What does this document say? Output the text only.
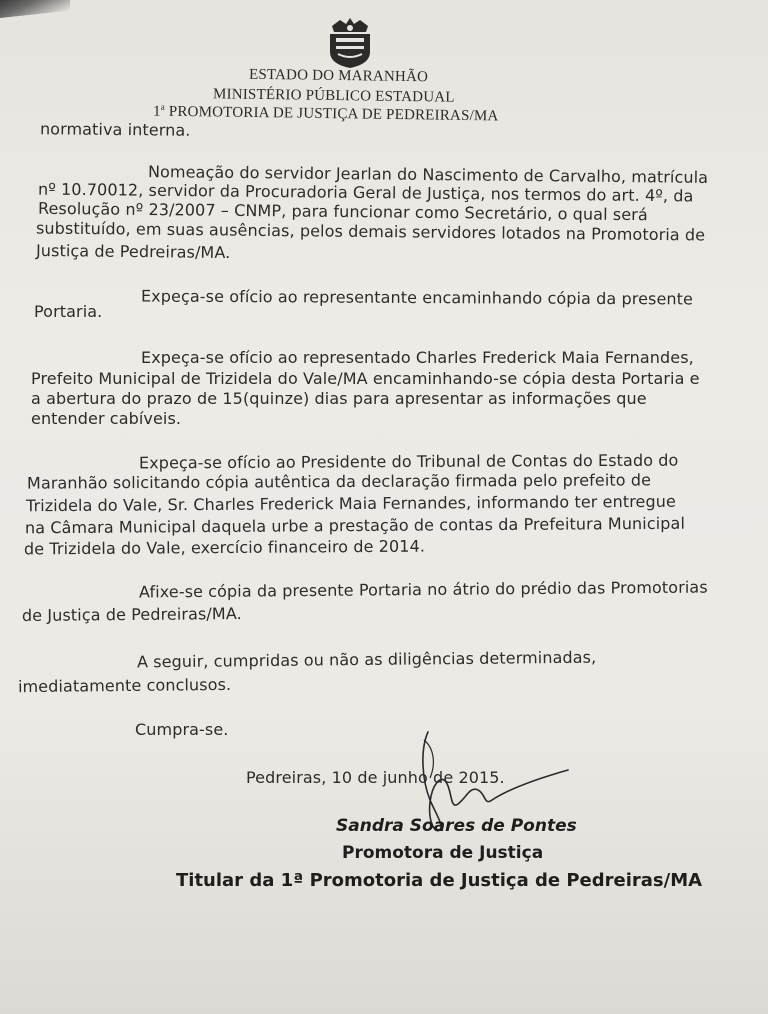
ESTADO DO MARANHÃO
MINISTÉRIO PÚBLICO ESTADUAL
1$^a$ PROMOTORIA DE JUSTIÇA DE PEDREIRAS/MA
normativa interna.
Nomeação do servidor Jearlan do Nascimento de Carvalho, matrícula
nº 10.70012, servidor da Procuradoria Geral de Justiça, nos termos do art. 4º, da
Resolução nº 23/2007 – CNMP, para funcionar como Secretário, o qual será
substituído, em suas ausências, pelos demais servidores lotados na Promotoria de
Justiça de Pedreiras/MA.
Expeça-se ofício ao representante encaminhando cópia da presente
Portaria.
Expeça-se ofício ao representado Charles Frederick Maia Fernandes,
Prefeito Municipal de Trizidela do Vale/MA encaminhando-se cópia desta Portaria e
a abertura do prazo de 15(quinze) dias para apresentar as informações que
entender cabíveis.
Expeça-se ofício ao Presidente do Tribunal de Contas do Estado do
Maranhão solicitando cópia autêntica da declaração firmada pelo prefeito de
Trizidela do Vale, Sr. Charles Frederick Maia Fernandes, informando ter entregue
na Câmara Municipal daquela urbe a prestação de contas da Prefeitura Municipal
de Trizidela do Vale, exercício financeiro de 2014.
Afixe-se cópia da presente Portaria no átrio do prédio das Promotorias
de Justiça de Pedreiras/MA.
A seguir, cumpridas ou não as diligências determinadas,
imediatamente conclusos.
Cumpra-se.
Pedreiras, 10 de junho de 2015.
Sandra Soares de Pontes
Promotora de Justiça
Titular da 1ª Promotoria de Justiça de Pedreiras/MA
